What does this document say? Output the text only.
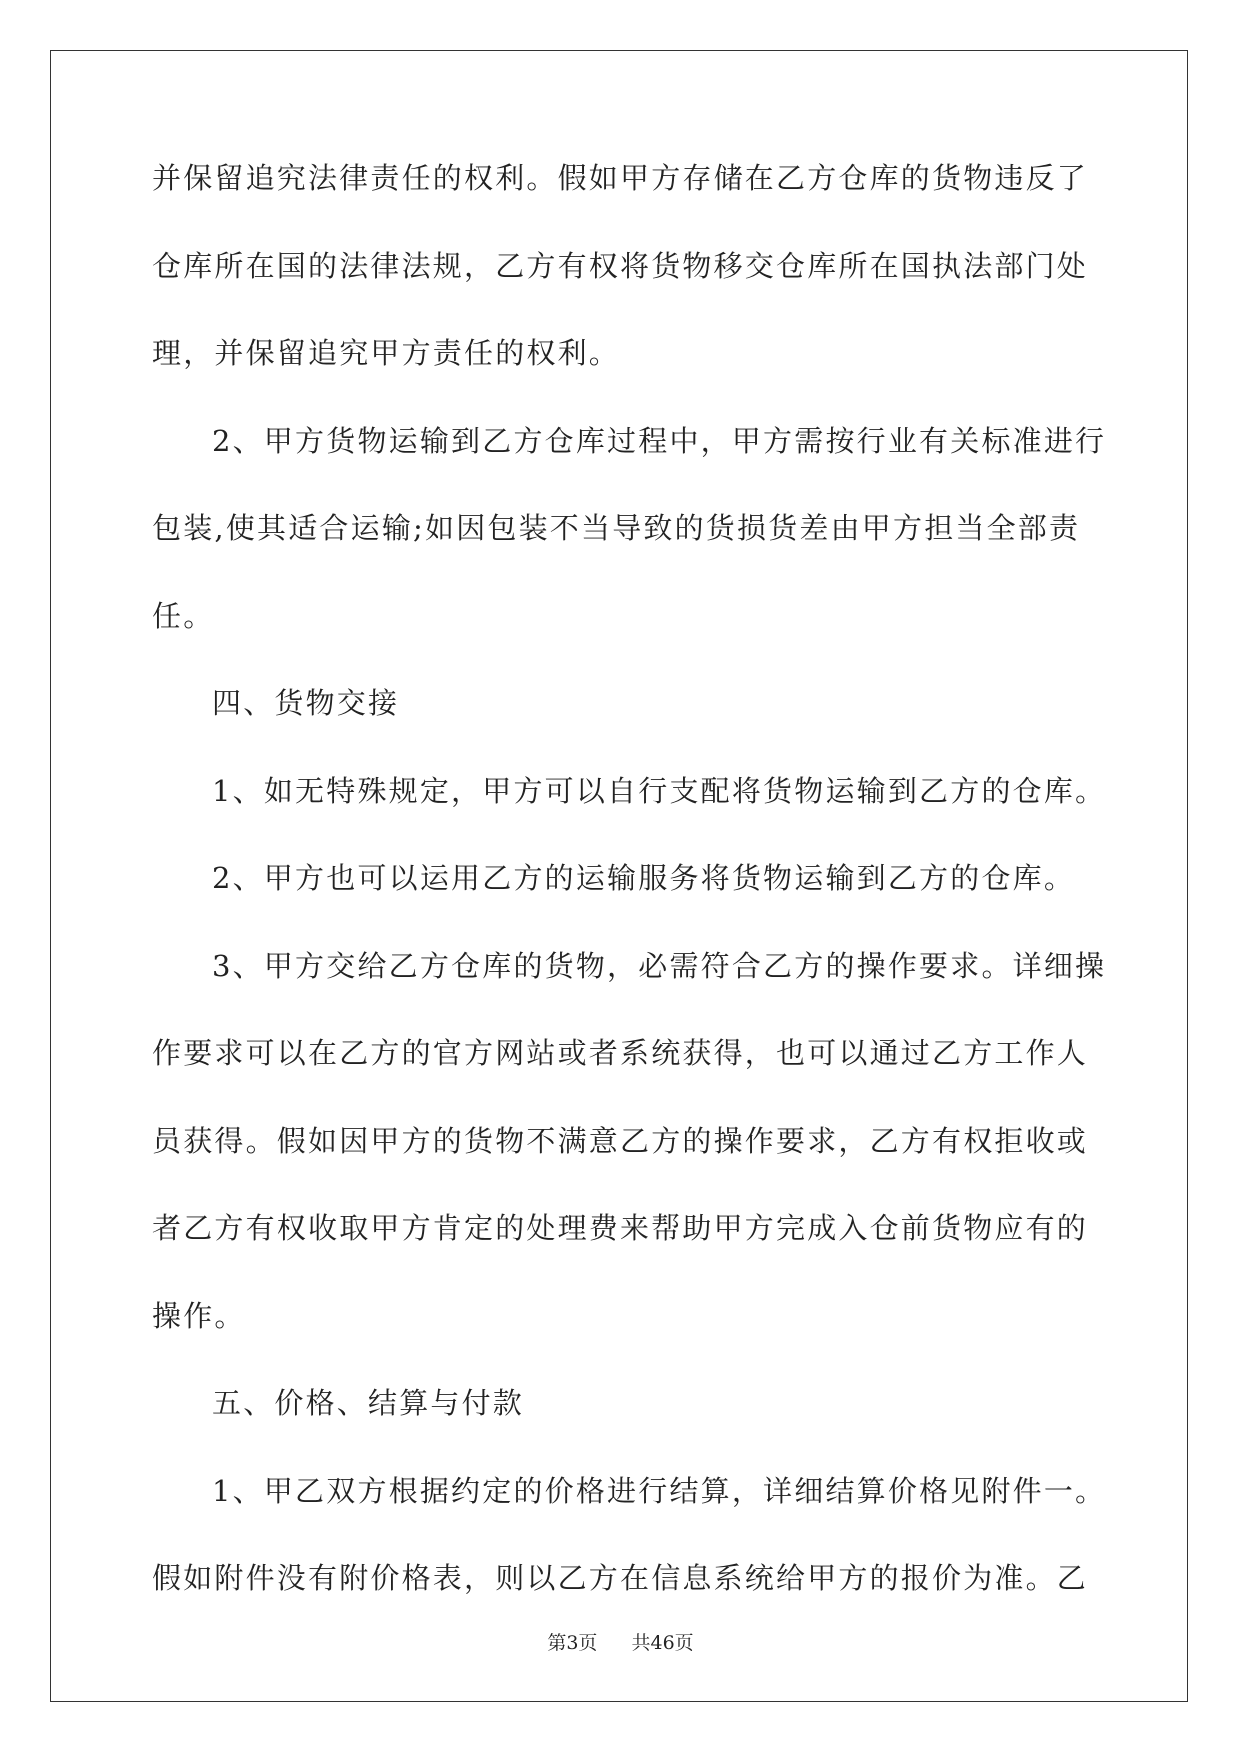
并保留追究法律责任的权利。假如甲方存储在乙方仓库的货物违反了
仓库所在国的法律法规，乙方有权将货物移交仓库所在国执法部门处
理，并保留追究甲方责任的权利。
2、甲方货物运输到乙方仓库过程中，甲方需按行业有关标准进行
包装,使其适合运输;如因包装不当导致的货损货差由甲方担当全部责
任。
四、货物交接
1、如无特殊规定，甲方可以自行支配将货物运输到乙方的仓库。
2、甲方也可以运用乙方的运输服务将货物运输到乙方的仓库。
3、甲方交给乙方仓库的货物，必需符合乙方的操作要求。详细操
作要求可以在乙方的官方网站或者系统获得，也可以通过乙方工作人
员获得。假如因甲方的货物不满意乙方的操作要求，乙方有权拒收或
者乙方有权收取甲方肯定的处理费来帮助甲方完成入仓前货物应有的
操作。
五、价格、结算与付款
1、甲乙双方根据约定的价格进行结算，详细结算价格见附件一。
假如附件没有附价格表，则以乙方在信息系统给甲方的报价为准。乙
第3页 共46页
